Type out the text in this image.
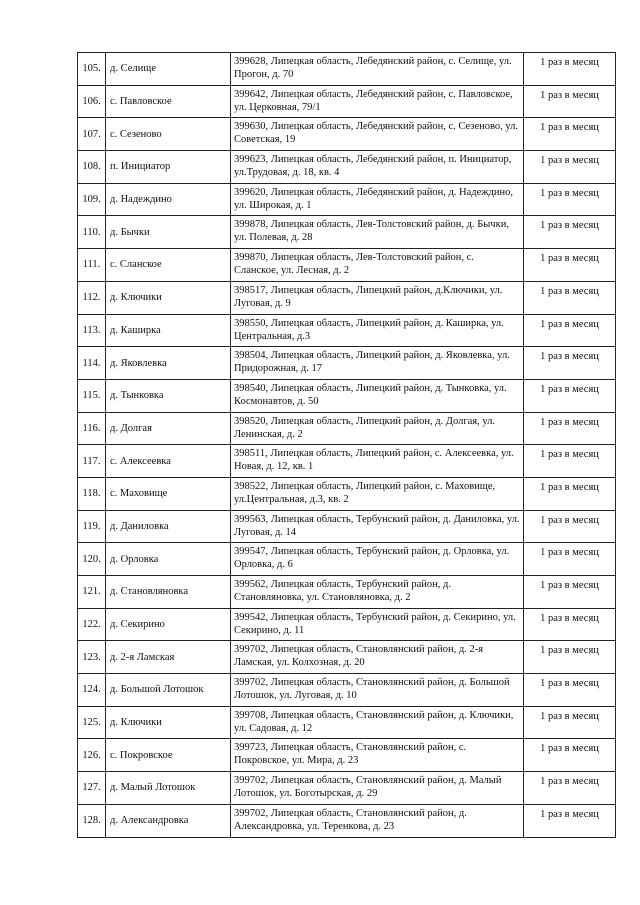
105.	д. Селище	399628, Липецкая область, Лебедянский район, с. Селище, ул. Прогон, д. 70	1 раз в месяц
106.	с. Павловское	399642, Липецкая область, Лебедянский район, с. Павловское, ул. Церковная, 79/1	1 раз в месяц
107.	с. Сезеново	399630, Липецкая область, Лебедянский район, с. Сезеново, ул. Советская, 19	1 раз в месяц
108.	п. Инициатор	399623, Липецкая область, Лебедянский район, п. Инициатор, ул.Трудовая, д. 18, кв. 4	1 раз в месяц
109.	д. Надеждино	399620, Липецкая область, Лебедянский район, д. Надеждино, ул. Широкая, д. 1	1 раз в месяц
110.	д. Бычки	399878, Липецкая область, Лев-Толстовский район, д. Бычки, ул. Полевая, д. 28	1 раз в месяц
111.	с. Сланское	399870, Липецкая область, Лев-Толстовский район, с. Сланское, ул. Лесная, д. 2	1 раз в месяц
112.	д. Ключики	398517, Липецкая область, Липецкий район, д.Ключики, ул. Луговая, д. 9	1 раз в месяц
113.	д. Каширка	398550, Липецкая область, Липецкий район, д. Каширка, ул. Центральная, д.3	1 раз в месяц
114.	д. Яковлевка	398504, Липецкая область, Липецкий район, д. Яковлевка, ул. Придорожная, д. 17	1 раз в месяц
115.	д. Тынковка	398540, Липецкая область, Липецкий район, д. Тынковка, ул. Космонавтов, д. 50	1 раз в месяц
116.	д. Долгая	398520, Липецкая область, Липецкий район, д. Долгая, ул. Ленинская, д. 2	1 раз в месяц
117.	с. Алексеевка	398511, Липецкая область, Липецкий район, с. Алексеевка, ул. Новая, д. 12, кв. 1	1 раз в месяц
118.	с. Маховище	398522, Липецкая область, Липецкий район, с. Маховище, ул.Центральная, д.3, кв. 2	1 раз в месяц
119.	д. Даниловка	399563, Липецкая область, Тербунский район, д. Даниловка, ул. Луговая, д. 14	1 раз в месяц
120.	д. Орловка	399547, Липецкая область, Тербунский район, д. Орловка, ул. Орловка, д. 6	1 раз в месяц
121.	д. Становляновка	399562, Липецкая область, Тербунский район, д. Становляновка, ул. Становляновка, д. 2	1 раз в месяц
122.	д. Секирино	399542, Липецкая область, Тербунский район, д. Секирино, ул. Секирино, д. 11	1 раз в месяц
123.	д. 2-я Ламская	399702, Липецкая область, Становлянский район, д. 2-я Ламская, ул. Колхозная, д. 20	1 раз в месяц
124.	д. Большой Лотошок	399702, Липецкая область, Становлянский район, д. Большой Лотошок, ул. Луговая, д. 10	1 раз в месяц
125.	д. Ключики	399708, Липецкая область, Становлянский район, д. Ключики, ул. Садовая, д. 12	1 раз в месяц
126.	с. Покровское	399723, Липецкая область, Становлянский район, с. Покровское, ул. Мира, д. 23	1 раз в месяц
127.	д. Малый Лотошок	399702, Липецкая область, Становлянский район, д. Малый Лотошок, ул. Боготырская, д. 29	1 раз в месяц
128.	д. Александровка	399702, Липецкая область, Становлянский район, д. Александровка, ул. Теренкова, д. 23	1 раз в месяц
